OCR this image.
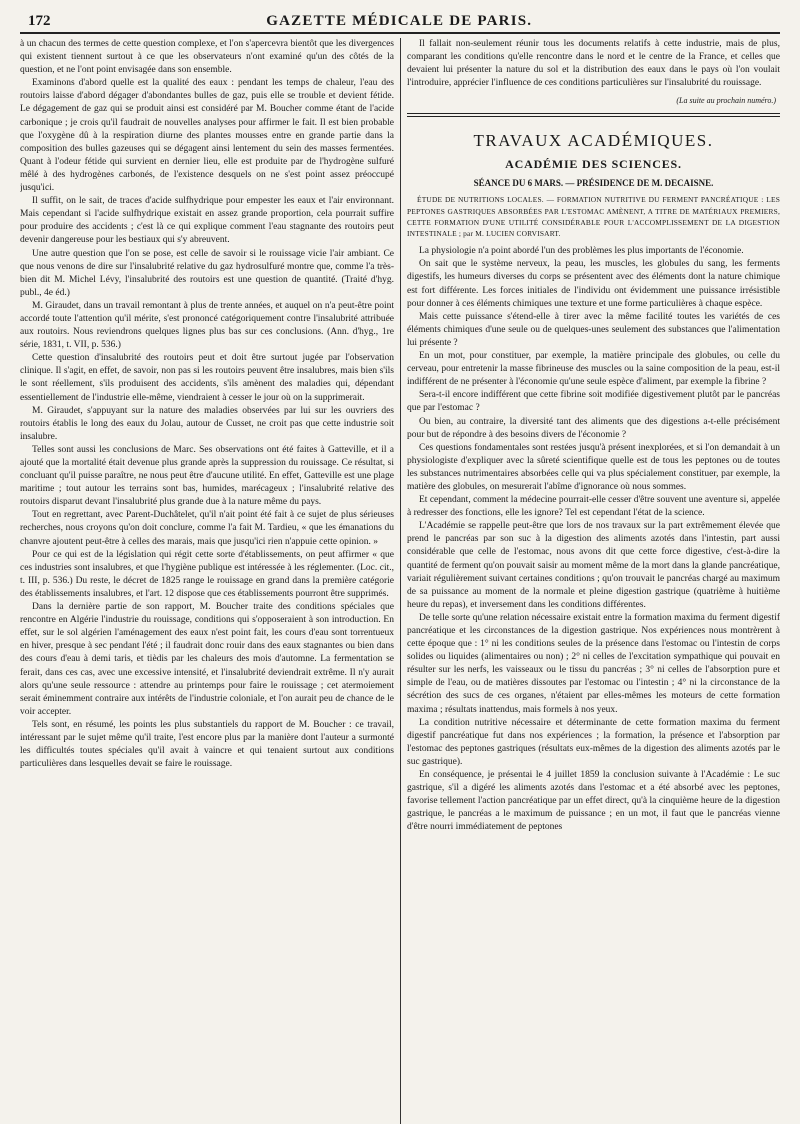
172	GAZETTE MÉDICALE DE PARIS.

à un chacun des termes de cette question complexe, et l'on s'apercevra bientôt que les divergences qui existent tiennent surtout à ce que les observateurs n'ont examiné qu'un des côtés de la question, et ne l'ont point envisagée dans son ensemble.

Examinons d'abord quelle est la qualité des eaux : pendant les temps de chaleur, l'eau des routoirs laisse d'abord dégager d'abondantes bulles de gaz, puis elle se trouble et devient fétide. Le dégagement de gaz qui se produit ainsi est considéré par M. Boucher comme étant de l'acide carbonique ; je crois qu'il faudrait de nouvelles analyses pour affirmer le fait. Il est bien probable que l'oxygène dû à la respiration diurne des plantes mousses entre en grande partie dans la composition des bulles gazeuses qui se dégagent ainsi lentement du sein des masses fermentées. Quant à l'odeur fétide qui survient en dernier lieu, elle est produite par de l'hydrogène sulfuré mêlé à des hydrogènes carbonés, de l'existence desquels on ne s'est point assez préoccupé jusqu'ici.

Il suffit, on le sait, de traces d'acide sulfhydrique pour empester les eaux et l'air environnant. Mais cependant si l'acide sulfhydrique existait en assez grande proportion, cela pourrait suffire pour produire des accidents ; c'est là ce qui explique comment l'eau stagnante des routoirs peut devenir dangereuse pour les bestiaux qui s'y abreuvent.

Une autre question que l'on se pose, est celle de savoir si le rouissage vicie l'air ambiant. Ce que nous venons de dire sur l'insalubrité relative du gaz hydrosulfuré montre que, comme l'a très-bien dit M. Michel Lévy, l'insalubrité des routoirs est une question de quantité. (Traité d'hyg. publ., 4e éd.)

M. Giraudet, dans un travail remontant à plus de trente années, et auquel on n'a peut-être point accordé toute l'attention qu'il mérite, s'est prononcé catégoriquement contre l'insalubrité attribuée aux routoirs. Nous reviendrons quelques lignes plus bas sur ces conclusions. (Ann. d'hyg., 1re série, 1831, t. VII, p. 536.)

Cette question d'insalubrité des routoirs peut et doit être surtout jugée par l'observation clinique. Il s'agit, en effet, de savoir, non pas si les routoirs peuvent être insalubres, mais bien s'ils le sont réellement, s'ils produisent des accidents, s'ils amènent des maladies qui, dépendant essentiellement de l'industrie elle-même, viendraient à cesser le jour où on la supprimerait.

M. Giraudet, s'appuyant sur la nature des maladies observées par lui sur les ouvriers des routoirs établis le long des eaux du Jolau, autour de Cusset, ne croit pas que cette industrie soit insalubre.

Telles sont aussi les conclusions de Marc. Ses observations ont été faites à Gatteville, et il a ajouté que la mortalité était devenue plus grande après la suppression du rouissage. Ce résultat, si concluant qu'il puisse paraître, ne nous peut être d'aucune utilité. En effet, Gatteville est une plage maritime ; tout autour les terrains sont bas, humides, marécageux ; l'insalubrité relative des routoirs disparut devant l'insalubrité plus grande due à la nature même du pays.

Tout en regrettant, avec Parent-Duchâtelet, qu'il n'ait point été fait à ce sujet de plus sérieuses recherches, nous croyons qu'on doit conclure, comme l'a fait M. Tardieu, « que les émanations du chanvre ajoutent peut-être à celles des marais, mais que jusqu'ici rien n'appuie cette opinion. »

Pour ce qui est de la législation qui régit cette sorte d'établissements, on peut affirmer « que ces industries sont insalubres, et que l'hygiène publique est intéressée à les réglementer. (Loc. cit., t. III, p. 536.) Du reste, le décret de 1825 range le rouissage en grand dans la première catégorie des établissements insalubres, et l'art. 12 dispose que ces établissements pourront être supprimés.

Dans la dernière partie de son rapport, M. Boucher traite des conditions spéciales que rencontre en Algérie l'industrie du rouissage, conditions qui s'opposeraient à son introduction. En effet, sur le sol algérien l'aménagement des eaux n'est point fait, les cours d'eau sont torrentueux en hiver, presque à sec pendant l'été ; il faudrait donc rouir dans des eaux stagnantes ou bien dans des cours d'eau à demi taris, et tièdis par les chaleurs des mois d'automne. La fermentation se ferait, dans ces cas, avec une excessive intensité, et l'insalubrité deviendrait extrême. Il n'y aurait alors qu'une seule ressource : attendre au printemps pour faire le rouissage ; cet atermoiement serait éminemment contraire aux intérêts de l'industrie coloniale, et l'on aurait peu de chance de le voir accepter.

Tels sont, en résumé, les points les plus substantiels du rapport de M. Boucher : ce travail, intéressant par le sujet même qu'il traite, l'est encore plus par la manière dont l'auteur a surmonté les difficultés toutes spéciales qu'il avait à vaincre et qui tenaient surtout aux conditions particulières dans lesquelles devait se faire le rouissage.

Il fallait non-seulement réunir tous les documents relatifs à cette industrie, mais de plus, comparant les conditions qu'elle rencontre dans le nord et le centre de la France, et celles que devaient lui présenter la nature du sol et la distribution des eaux dans le pays où l'on voulait l'introduire, apprécier l'influence de ces conditions particulières sur l'insalubrité du rouissage.

(La suite au prochain numéro.)

TRAVAUX ACADÉMIQUES.
ACADÉMIE DES SCIENCES.
SÉANCE DU 6 MARS. — PRÉSIDENCE DE M. DECAISNE.
ÉTUDE DE NUTRITIONS LOCALES. — FORMATION NUTRITIVE DU FERMENT PANCRÉATIQUE : LES PEPTONES GASTRIQUES ABSORBÉES PAR L'ESTOMAC AMÈNENT, A TITRE DE MATÉRIAUX PREMIERS, CETTE FORMATION D'UNE UTILITÉ CONSIDÉRABLE POUR L'ACCOMPLISSEMENT DE LA DIGESTION INTESTINALE ; par M. LUCIEN CORVISART.

La physiologie n'a point abordé l'un des problèmes les plus importants de l'économie.

On sait que le système nerveux, la peau, les muscles, les globules du sang, les ferments digestifs, les humeurs diverses du corps se présentent avec des éléments dont la nature chimique est fort différente. Les forces initiales de l'individu ont évidemment une puissance irrésistible pour donner à ces éléments chimiques une texture et une forme particulières à chaque espèce.

Mais cette puissance s'étend-elle à tirer avec la même facilité toutes les variétés de ces éléments chimiques d'une seule ou de quelques-unes seulement des substances que l'alimentation lui présente ?

En un mot, pour constituer, par exemple, la matière principale des globules, ou celle du cerveau, pour entretenir la masse fibrineuse des muscles ou la saine composition de la peau, est-il indifférent de ne présenter à l'économie qu'une seule espèce d'aliment, par exemple la fibrine ?

Sera-t-il encore indifférent que cette fibrine soit modifiée digestivement plutôt par le pancréas que par l'estomac ?

Ou bien, au contraire, la diversité tant des aliments que des digestions a-t-elle précisément pour but de répondre à des besoins divers de l'économie ?

Ces questions fondamentales sont restées jusqu'à présent inexplorées, et si l'on demandait à un physiologiste d'expliquer avec la sûreté scientifique quelle est de tous les peptones ou de toutes les substances nutrimentaires absorbées celle qui va plus spécialement constituer, par exemple, la matière des globules, on mesurerait l'abîme d'ignorance où nous sommes.

Et cependant, comment la médecine pourrait-elle cesser d'être souvent une aventure si, appelée à redresser des fonctions, elle les ignore? Tel est cependant l'état de la science.

L'Académie se rappelle peut-être que lors de nos travaux sur la part extrêmement élevée que prend le pancréas par son suc à la digestion des aliments azotés dans l'intestin, part aussi considérable que celle de l'estomac, nous avons dit que cette force digestive, c'est-à-dire la quantité de ferment qu'on pouvait saisir au moment même de la mort dans la glande pancréatique, variait régulièrement suivant certaines conditions ; qu'on trouvait le pancréas chargé au maximum de sa puissance au moment de la normale et pleine digestion gastrique (quatrième à huitième heure du repas), et inversement dans les conditions différentes.

De telle sorte qu'une relation nécessaire existait entre la formation maxima du ferment digestif pancréatique et les circonstances de la digestion gastrique. Nos expériences nous montrèrent à cette époque que : 1° ni les conditions seules de la présence dans l'estomac ou l'intestin de corps solides ou liquides (alimentaires ou non) ; 2° ni celles de l'excitation sympathique qui pouvait en résulter sur les nerfs, les vaisseaux ou le tissu du pancréas ; 3° ni celles de l'absorption pure et simple de l'eau, ou de matières dissoutes par l'estomac ou l'intestin ; 4° ni la circonstance de la sécrétion des sucs de ces organes, n'étaient par elles-mêmes les moteurs de cette formation maxima ; résultats inattendus, mais formels à nos yeux.

La condition nutritive nécessaire et déterminante de cette formation maxima du ferment digestif pancréatique fut dans nos expériences ; la formation, la présence et l'absorption par l'estomac des peptones gastriques (résultats eux-mêmes de la digestion des aliments azotés par le suc gastrique).

En conséquence, je présentai le 4 juillet 1859 la conclusion suivante à l'Académie : Le suc gastrique, s'il a digéré les aliments azotés dans l'estomac et a été absorbé avec les peptones, favorise tellement l'action pancréatique par un effet direct, qu'à la cinquième heure de la digestion gastrique, le pancréas a le maximum de puissance ; en un mot, il faut que le pancréas vienne d'être nourri immédiatement de peptones
